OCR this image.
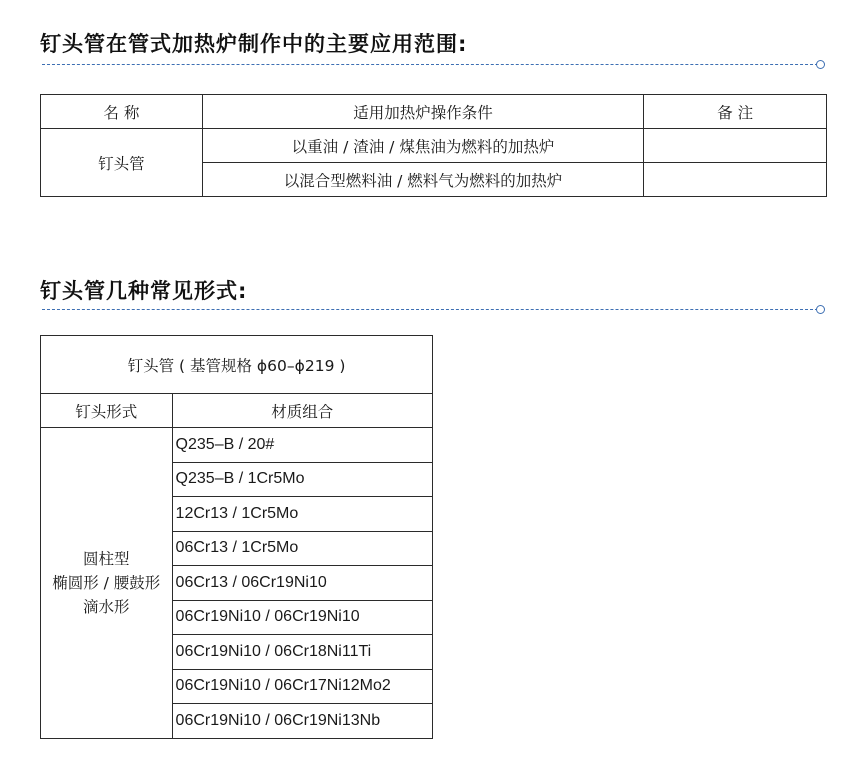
钉头管在管式加热炉制作中的主要应用范围:
名 称	适用加热炉操作条件	备 注
钉头管	以重油 / 渣油 / 煤焦油为燃料的加热炉	
	以混合型燃料油 / 燃料气为燃料的加热炉	
钉头管几种常见形式:
钉头管 ( 基管规格 ϕ60–ϕ219 )	
钉头形式	材质组合

圆柱型
椭圆形 / 腰鼓形
滴水形	Q235–B / 20#
	Q235–B / 1Cr5Mo
	12Cr13 / 1Cr5Mo
	06Cr13 / 1Cr5Mo
	06Cr13 / 06Cr19Ni10
	06Cr19Ni10 / 06Cr19Ni10
	06Cr19Ni10 / 06Cr18Ni11Ti
	06Cr19Ni10 / 06Cr17Ni12Mo2
	06Cr19Ni10 / 06Cr19Ni13Nb
